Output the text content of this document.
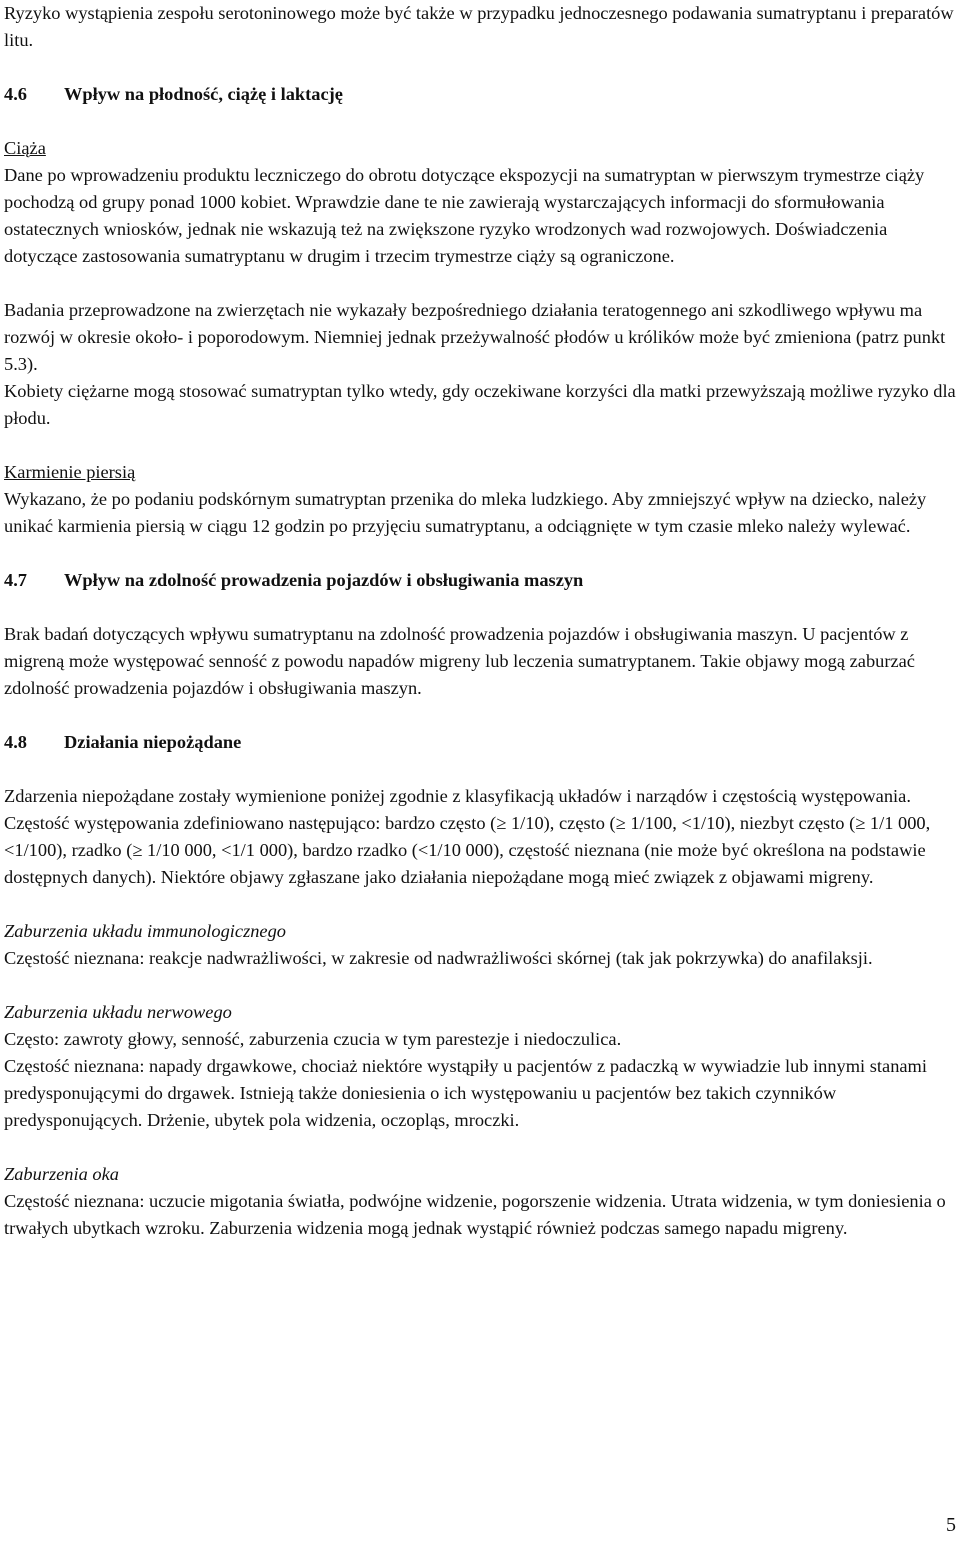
Ryzyko wystąpienia zespołu serotoninowego może być także w przypadku jednoczesnego podawania sumatryptanu i preparatów litu.

4.6	Wpływ na płodność, ciążę i laktację

Ciąża

Dane po wprowadzeniu produktu leczniczego do obrotu dotyczące ekspozycji na sumatryptan w pierwszym trymestrze ciąży pochodzą od grupy ponad 1000 kobiet. Wprawdzie dane te nie zawierają wystarczających informacji do sformułowania ostatecznych wniosków, jednak nie wskazują też na zwiększone ryzyko wrodzonych wad rozwojowych. Doświadczenia dotyczące zastosowania sumatryptanu w drugim i trzecim trymestrze ciąży są ograniczone.

Badania przeprowadzone na zwierzętach nie wykazały bezpośredniego działania teratogennego ani szkodliwego wpływu ma rozwój w okresie około- i poporodowym. Niemniej jednak przeżywalność płodów u królików może być zmieniona (patrz punkt 5.3).

Kobiety ciężarne mogą stosować sumatryptan tylko wtedy, gdy oczekiwane korzyści dla matki przewyższają możliwe ryzyko dla płodu.

Karmienie piersią

Wykazano, że po podaniu podskórnym sumatryptan przenika do mleka ludzkiego. Aby zmniejszyć wpływ na dziecko, należy unikać karmienia piersią w ciągu 12 godzin po przyjęciu sumatryptanu, a odciągnięte w tym czasie mleko należy wylewać.

4.7	Wpływ na zdolność prowadzenia pojazdów i obsługiwania maszyn

Brak badań dotyczących wpływu sumatryptanu na zdolność prowadzenia pojazdów i obsługiwania maszyn. U pacjentów z migreną może występować senność z powodu napadów migreny lub leczenia sumatryptanem. Takie objawy mogą zaburzać zdolność prowadzenia pojazdów i obsługiwania maszyn.

4.8	Działania niepożądane

Zdarzenia niepożądane zostały wymienione poniżej zgodnie z klasyfikacją układów i narządów i częstością występowania.

Częstość występowania zdefiniowano następująco: bardzo często (≥ 1/10), często (≥ 1/100, <1/10), niezbyt często (≥ 1/1 000, <1/100), rzadko (≥ 1/10 000, <1/1 000), bardzo rzadko (<1/10 000), częstość nieznana (nie może być określona na podstawie dostępnych danych). Niektóre objawy zgłaszane jako działania niepożądane mogą mieć związek z objawami migreny.

Zaburzenia układu immunologicznego

Częstość nieznana: reakcje nadwrażliwości, w zakresie od nadwrażliwości skórnej (tak jak pokrzywka) do anafilaksji.

Zaburzenia układu nerwowego

Często: zawroty głowy, senność, zaburzenia czucia w tym parestezje i niedoczulica.

Częstość nieznana: napady drgawkowe, chociaż niektóre wystąpiły u pacjentów z padaczką w wywiadzie lub innymi stanami predysponującymi do drgawek. Istnieją także doniesienia o ich występowaniu u pacjentów bez takich czynników predysponujących. Drżenie, ubytek pola widzenia, oczopląs, mroczki.

Zaburzenia oka

Częstość nieznana: uczucie migotania światła, podwójne widzenie, pogorszenie widzenia. Utrata widzenia, w tym doniesienia o trwałych ubytkach wzroku. Zaburzenia widzenia mogą jednak wystąpić również podczas samego napadu migreny.

5
